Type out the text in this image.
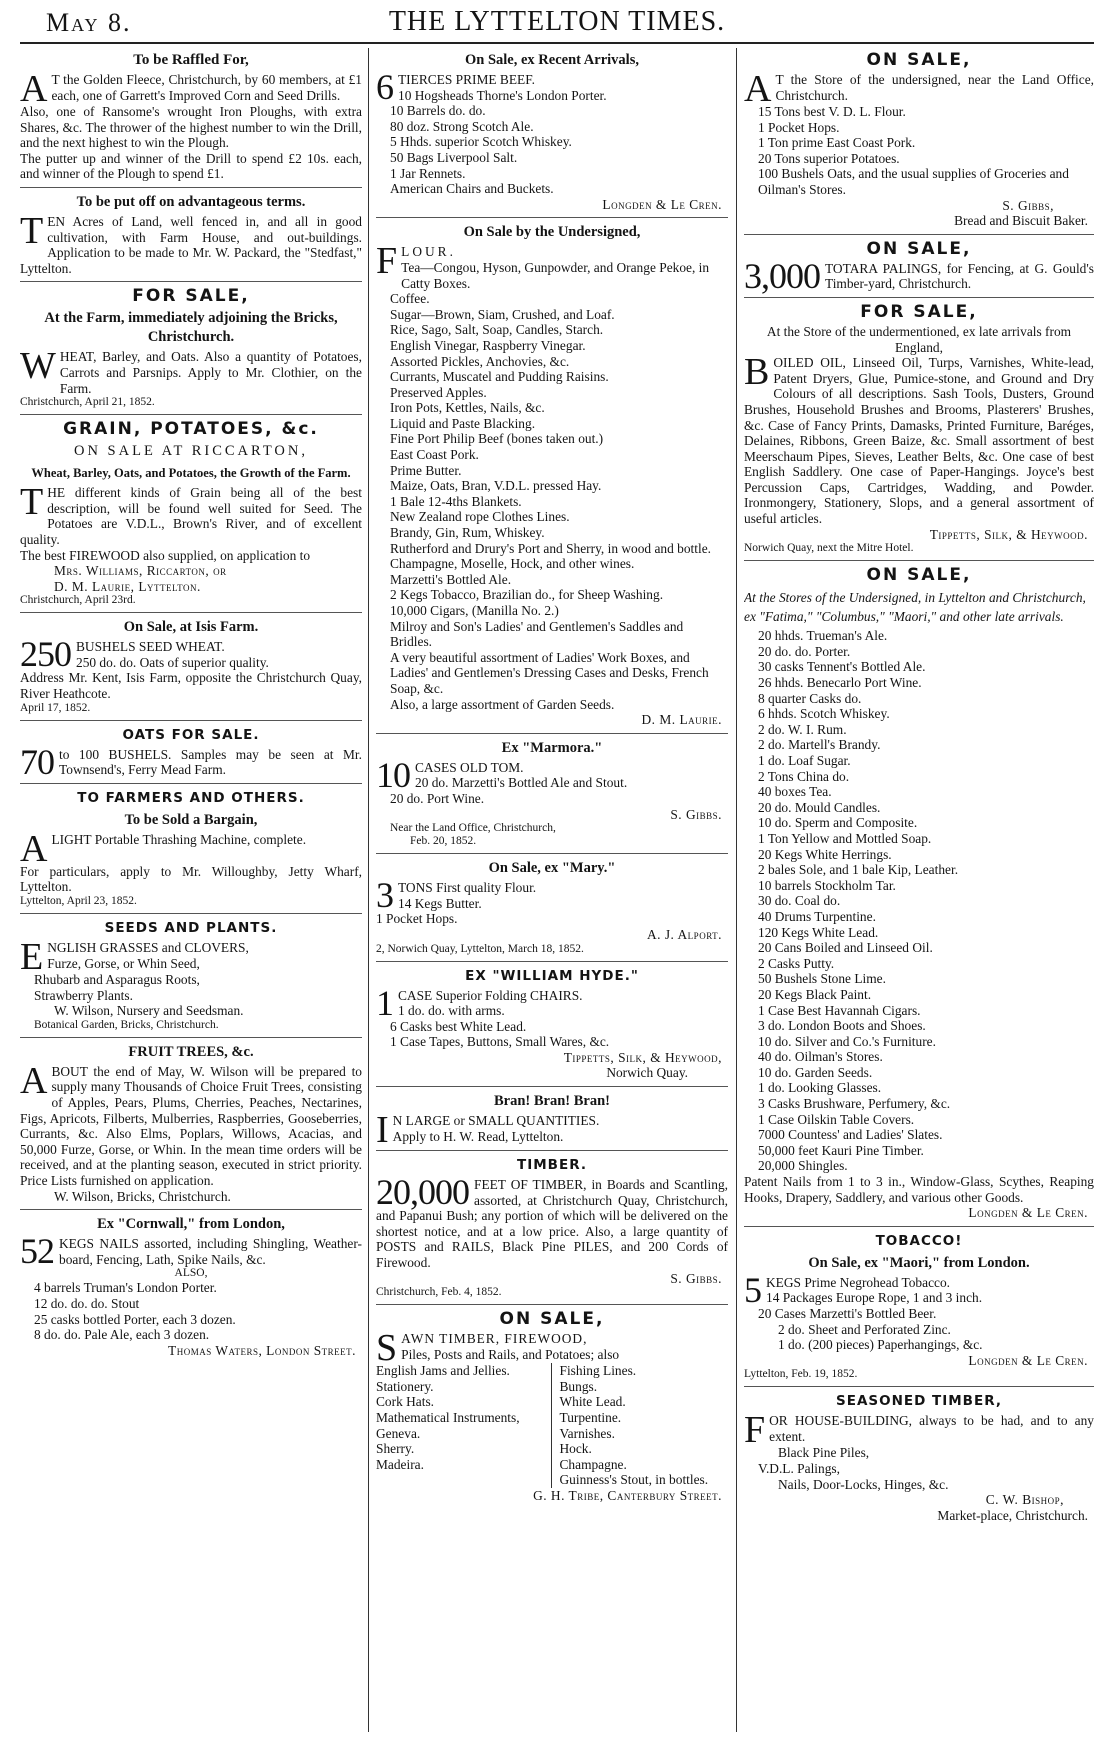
May 8.	THE LYTTELTON TIMES.
To be Raffled For,

A T the Golden Fleece, Christchurch, by 60 members, at £1 each, one of Garrett's Improved Corn and Seed Drills.

Also, one of Ransome's wrought Iron Ploughs, with extra Shares, &c. The thrower of the highest number to win the Drill, and the next highest to win the Plough.

The putter up and winner of the Drill to spend £2 10s. each, and winner of the Plough to spend £1.

To be put off on advantageous terms.

TEN Acres of Land, well fenced in, and all in good cultivation, with Farm House, and out-buildings. Application to be made to Mr. W. Packard, the "Stedfast," Lyttelton.

FOR SALE,
At the Farm, immediately adjoining the Bricks, Christchurch.

WHEAT, Barley, and Oats. Also a quantity of Potatoes, Carrots and Parsnips. Apply to Mr. Clothier, on the Farm.

Christchurch, April 21, 1852.

GRAIN, POTATOES, &c.
ON SALE AT RICCARTON,
Wheat, Barley, Oats, and Potatoes, the Growth of the Farm.

THE different kinds of Grain being all of the best description, will be found well suited for Seed. The Potatoes are V.D.L., Brown's River, and of excellent quality.

The best FIREWOOD also supplied, on application to

Mrs. Williams, Riccarton, or

D. M. Laurie, Lyttelton.

Christchurch, April 23rd.

On Sale, at Isis Farm.

250 BUSHELS SEED WHEAT.
250 do. do. Oats of superior quality.

Address Mr. Kent, Isis Farm, opposite the Christchurch Quay, River Heathcote.

April 17, 1852.

OATS FOR SALE.

70 to 100 BUSHELS. Samples may be seen at Mr. Townsend's, Ferry Mead Farm.

TO FARMERS AND OTHERS.
To be Sold a Bargain,

ALIGHT Portable Thrashing Machine, complete.

For particulars, apply to Mr. Willoughby, Jetty Wharf, Lyttelton.

Lyttelton, April 23, 1852.

SEEDS AND PLANTS.

ENGLISH GRASSES and CLOVERS,
Furze, Gorse, or Whin Seed,

Rhubarb and Asparagus Roots,

Strawberry Plants.

W. Wilson, Nursery and Seedsman.

Botanical Garden, Bricks, Christchurch.

FRUIT TREES, &c.

ABOUT the end of May, W. Wilson will be prepared to supply many Thousands of Choice Fruit Trees, consisting of Apples, Pears, Plums, Cherries, Peaches, Nectarines, Figs, Apricots, Filberts, Mulberries, Raspberries, Gooseberries, Currants, &c. Also Elms, Poplars, Willows, Acacias, and 50,000 Furze, Gorse, or Whin. In the mean time orders will be received, and at the planting season, executed in strict priority. Price Lists furnished on application.

W. Wilson, Bricks, Christchurch.

Ex "Cornwall," from London,

52 KEGS NAILS assorted, including Shingling, Weather-board, Fencing, Lath, Spike Nails, &c.

ALSO,

4 barrels Truman's London Porter.

12 do. do. do. Stout

25 casks bottled Porter, each 3 dozen.

8 do. do. Pale Ale, each 3 dozen.

Thomas Waters, London Street.

On Sale, ex Recent Arrivals,

6 TIERCES PRIME BEEF.

10 Hogsheads Thorne's London Porter.

10 Barrels do. do.

80 doz. Strong Scotch Ale.

5 Hhds. superior Scotch Whiskey.

50 Bags Liverpool Salt.

1 Jar Rennets.

American Chairs and Buckets.

Longden & Le Cren.

On Sale by the Undersigned,

FLOUR.

Tea—Congou, Hyson, Gunpowder, and Orange Pekoe, in Catty Boxes.

Coffee.

Sugar—Brown, Siam, Crushed, and Loaf.

Rice, Sago, Salt, Soap, Candles, Starch.

English Vinegar, Raspberry Vinegar.

Assorted Pickles, Anchovies, &c.

Currants, Muscatel and Pudding Raisins.

Preserved Apples.

Iron Pots, Kettles, Nails, &c.

Liquid and Paste Blacking.

Fine Port Philip Beef (bones taken out.)

East Coast Pork.

Prime Butter.

Maize, Oats, Bran, V.D.L. pressed Hay.

1 Bale 12-4ths Blankets.

New Zealand rope Clothes Lines.

Brandy, Gin, Rum, Whiskey.

Rutherford and Drury's Port and Sherry, in wood and bottle.

Champagne, Moselle, Hock, and other wines.

Marzetti's Bottled Ale.

2 Kegs Tobacco, Brazilian do., for Sheep Washing.

10,000 Cigars, (Manilla No. 2.)

Milroy and Son's Ladies' and Gentlemen's Saddles and Bridles.

A very beautiful assortment of Ladies' Work Boxes, and Ladies' and Gentlemen's Dressing Cases and Desks, French Soap, &c.

Also, a large assortment of Garden Seeds.

D. M. Laurie.

Ex "Marmora."

10 CASES OLD TOM.
20 do. Marzetti's Bottled Ale and Stout.

20 do. Port Wine.

S. Gibbs.

Near the Land Office, Christchurch,

Feb. 20, 1852.

On Sale, ex "Mary."

3 TONS First quality Flour.
14 Kegs Butter.
1 Pocket Hops.

A. J. Alport.

2, Norwich Quay, Lyttelton, March 18, 1852.

EX "WILLIAM HYDE."

1 CASE Superior Folding CHAIRS.
1 do. do. with arms.

6 Casks best White Lead.

1 Case Tapes, Buttons, Small Wares, &c.

Tippetts, Silk, & Heywood,

Norwich Quay.

Bran! Bran! Bran!

I N LARGE or SMALL QUANTITIES.
Apply to H. W. Read, Lyttelton.

TIMBER.

20,000 FEET OF TIMBER, in Boards and Scantling, assorted, at Christchurch Quay, Christchurch, and Papanui Bush; any portion of which will be delivered on the shortest notice, and at a low price. Also, a large quantity of POSTS and RAILS, Black Pine PILES, and 200 Cords of Firewood.

S. Gibbs.

Christchurch, Feb. 4, 1852.

ON SALE,

SAWN TIMBER, FIREWOOD,
Piles, Posts and Rails, and Potatoes; also

English Jams and Jellies.

Stationery.

Cork Hats.

Mathematical Instruments,

Geneva.

Sherry.

Madeira.

Fishing Lines.

Bungs.

White Lead.

Turpentine.

Varnishes.

Hock.

Champagne.

Guinness's Stout, in bottles.

G. H. Tribe, Canterbury Street.

ON SALE,

A T the Store of the undersigned, near the Land Office, Christchurch.

15 Tons best V. D. L. Flour.

1 Pocket Hops.

1 Ton prime East Coast Pork.

20 Tons superior Potatoes.

100 Bushels Oats, and the usual supplies of Groceries and Oilman's Stores.

S. Gibbs,

Bread and Biscuit Baker.

ON SALE,

3,000 TOTARA PALINGS, for Fencing, at G. Gould's Timber-yard, Christchurch.

FOR SALE,

At the Store of the undermentioned, ex late arrivals from England,

BOILED OIL, Linseed Oil, Turps, Varnishes, White-lead, Patent Dryers, Glue, Pumice-stone, and Ground and Dry Colours of all descriptions. Sash Tools, Dusters, Ground Brushes, Household Brushes and Brooms, Plasterers' Brushes, &c. Case of Fancy Prints, Damasks, Printed Furniture, Baréges, Delaines, Ribbons, Green Baize, &c. Small assortment of best Meerschaum Pipes, Sieves, Leather Belts, &c. One case of best English Saddlery. One case of Paper-Hangings. Joyce's best Percussion Caps, Cartridges, Wadding, and Powder. Ironmongery, Stationery, Slops, and a general assortment of useful articles.

Tippetts, Silk, & Heywood.

Norwich Quay, next the Mitre Hotel.

ON SALE,
At the Stores of the Undersigned, in Lyttelton and Christchurch, ex "Fatima," "Columbus," "Maori," and other late arrivals.

20 hhds. Trueman's Ale.

20 do. do. Porter.

30 casks Tennent's Bottled Ale.

26 hhds. Benecarlo Port Wine.

8 quarter Casks do.

6 hhds. Scotch Whiskey.

2 do. W. I. Rum.

2 do. Martell's Brandy.

1 do. Loaf Sugar.

2 Tons China do.

40 boxes Tea.

20 do. Mould Candles.

10 do. Sperm and Composite.

1 Ton Yellow and Mottled Soap.

20 Kegs White Herrings.

2 bales Sole, and 1 bale Kip, Leather.

10 barrels Stockholm Tar.

30 do. Coal do.

40 Drums Turpentine.

120 Kegs White Lead.

20 Cans Boiled and Linseed Oil.

2 Casks Putty.

50 Bushels Stone Lime.

20 Kegs Black Paint.

1 Case Best Havannah Cigars.

3 do. London Boots and Shoes.

10 do. Silver and Co.'s Furniture.

40 do. Oilman's Stores.

10 do. Garden Seeds.

1 do. Looking Glasses.

3 Casks Brushware, Perfumery, &c.

1 Case Oilskin Table Covers.

7000 Countess' and Ladies' Slates.

50,000 feet Kauri Pine Timber.

20,000 Shingles.

Patent Nails from 1 to 3 in., Window-Glass, Scythes, Reaping Hooks, Drapery, Saddlery, and various other Goods.

Longden & Le Cren.

TOBACCO!
On Sale, ex "Maori," from London.

5 KEGS Prime Negrohead Tobacco.
14 Packages Europe Rope, 1 and 3 inch.

20 Cases Marzetti's Bottled Beer.

2 do. Sheet and Perforated Zinc.

1 do. (200 pieces) Paperhangings, &c.

Longden & Le Cren.

Lyttelton, Feb. 19, 1852.

SEASONED TIMBER,

FOR HOUSE-BUILDING, always to be had, and to any extent.

Black Pine Piles,

V.D.L. Palings,

Nails, Door-Locks, Hinges, &c.

C. W. Bishop,

Market-place, Christchurch.
